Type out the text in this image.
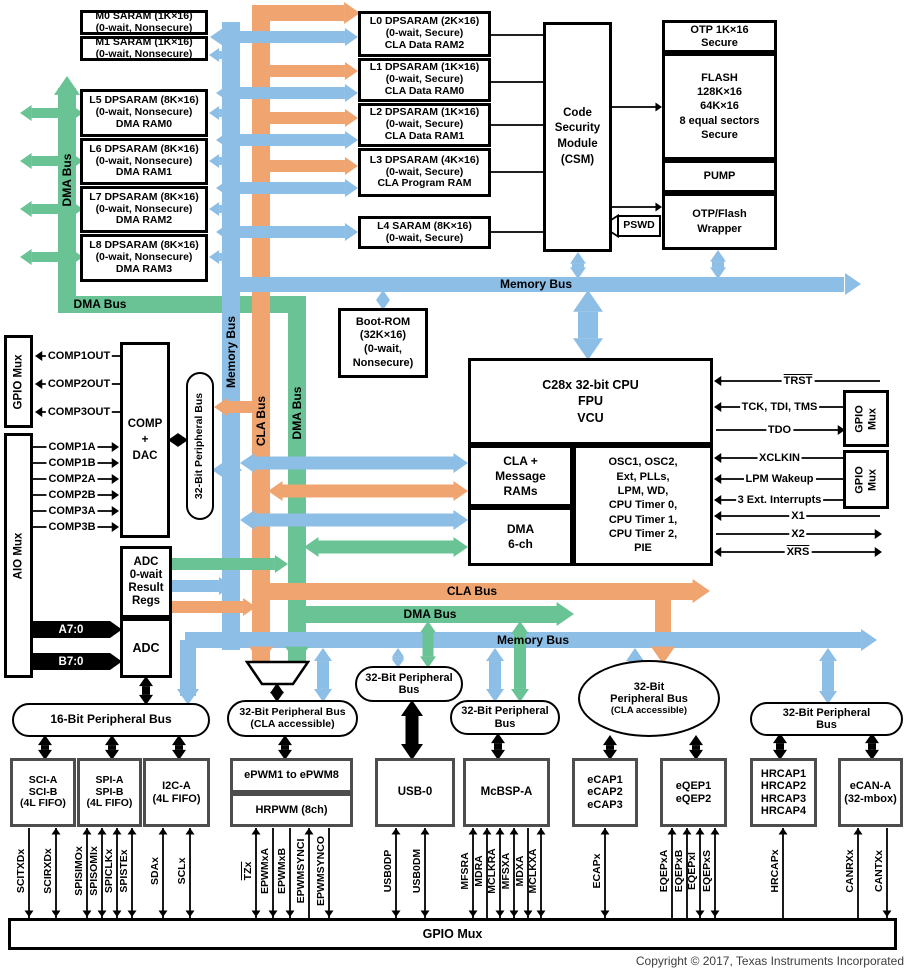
Copyright © 2017, Texas Instruments Incorporated
A7:0
B7:0
M0 SARAM (1K×16)
(0-wait, Nonsecure)
M1 SARAM (1K×16)
(0-wait, Nonsecure)
L5 DPSARAM (8K×16)
(0-wait, Nonsecure)
DMA RAM0
L6 DPSARAM (8K×16)
(0-wait, Nonsecure)
DMA RAM1
L7 DPSARAM (8K×16)
(0-wait, Nonsecure)
DMA RAM2
L8 DPSARAM (8K×16)
(0-wait, Nonsecure)
DMA RAM3
L0 DPSARAM (2K×16)
(0-wait, Secure)
CLA Data RAM2
L1 DPSARAM (1K×16)
(0-wait, Secure)
CLA Data RAM0
L2 DPSARAM (1K×16)
(0-wait, Secure)
CLA Data RAM1
L3 DPSARAM (4K×16)
(0-wait, Secure)
CLA Program RAM
L4 SARAM (8K×16)
(0-wait, Secure)
Code
Security
Module
(CSM)
OTP 1K×16
Secure
FLASH
128K×16
64K×16
8 equal sectors
Secure
PUMP
OTP/Flash
Wrapper
PSWD
Boot-ROM
(32K×16)
(0-wait,
Nonsecure)
C28x 32-bit CPU
FPU
VCU
CLA +
Message
RAMs
DMA
6-ch
OSC1, OSC2,
Ext, PLLs,
LPM, WD,
CPU Timer 0,
CPU Timer 1,
CPU Timer 2,
PIE
GPIO Mux
AIO Mux
COMP
+
DAC	32-Bit Peripheral Bus
ADC
0-wait
Result
Regs
ADC
GPIO Mux
GPIO Mux
16-Bit Peripheral Bus
32-Bit Peripheral Bus
(CLA accessible)
32-Bit Peripheral
Bus
32-Bit Peripheral
Bus
32-Bit
Peripheral Bus
(CLA accessible)	32-Bit Peripheral
Bus
SCI-A
SCI-B
(4L FIFO)
SPI-A
SPI-B
(4L FIFO)
I2C-A
(4L FIFO)
ePWM1 to ePWM8
HRPWM (8ch)
USB-0	McBSP-A
eCAP1
eCAP2
eCAP3
eQEP1
eQEP2
HRCAP1
HRCAP2
HRCAP3
HRCAP4
eCAN-A
(32-mbox)
GPIO Mux
DMA Bus
DMA Bus
Memory Bus
CLA Bus DMA Bus
Memory Bus
CLA Bus
DMA Bus
Memory Bus
TRST
TCK, TDI, TMS
TDO
XCLKIN
LPM Wakeup
3 Ext. Interrupts
X1
X2
$\overline{XRS}$
COMP1OUT
COMP2OUT
COMP3OUT
COMP1A
COMP1B
COMP2A
COMP2B
COMP3A
COMP3B
SCITXDx SCIRXDx SPISIMOx SPISOMIx SPICLKx SPISTEx SDAx SCLx	$\overline{TZx}$ EPWMxA EPWMxB EPWMSYNCI EPWMSYNCO	USB0DP USB0DM	MFSRA MDRA MCLKRA MFSXA MDXA MCLKXA	ECAPx	EQEPxA EQEPxB EQEPxI EQEPxS	HRCAPx	CANRXx CANTXx
